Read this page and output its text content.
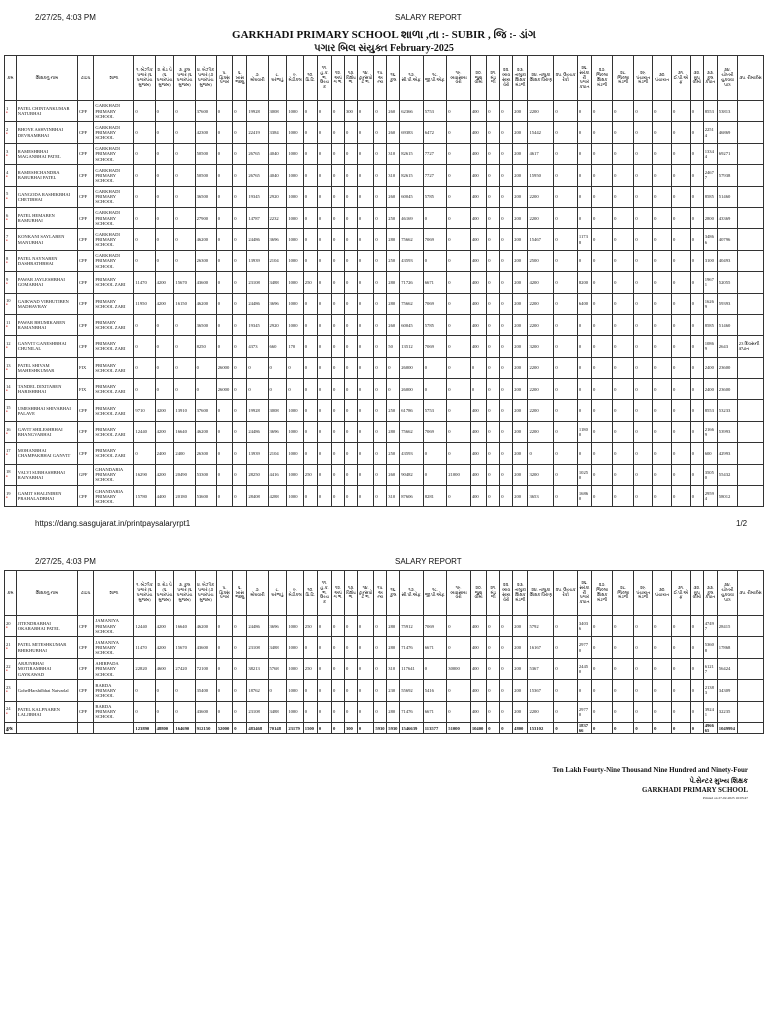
2/27/25, 4:03 PM	SALARY REPORT
GARKHADI PRIMARY SCHOOL શાળા ,તા :- SUBIR , જિ :- ડાંગ
પગાર બિલ સંયુક્ત February-2025
ક્રમ	શિક્ષકનુ નામ	ટાઇપ	શાળા	૧. બેઝીક પગાર (૬ પગારપંચ મુજબ)	૨. ગ્રેડ પે (૬ પગારપંચ મુજબ)	૩. કુલ પગાર (૬ પગારપંચ મુજબ)	૪. બેઝીક પગાર (૭ પગારપંચ મુજબ)	૫. ફિક્સ પગાર	૬. ખાસ ભથ્થુ	૭. મોંઘવારી	૮. ઘરભાડું	૯. મેડીકલ	૧૦. પ્રિ.ટિ.	૧૧. હ.ક.ભ. ઉચ્ચક	૧૨. અપંગ ભ.	૧૩. વિશેષ ભ.	૧૪. ટ્રાન્સપોર્ટ ભ.	૧૫. અન્ય	૧૬. કુલ	૧૭. સી.પી.એફ.	૧૮. જી.પી.એફ.	૧૯. વ્યવસાય વેરો	૨૦. જુથ વીમો	૨૧. મંડળી	૨૨. વ્યવસાય વેરો	૨૩. તાલુકા શિક્ષક મંડળી	૨૪. તાલુકા શિક્ષક ધિરાણ	૨૫. ઉચ્ચક રેકો	૨૬. સરકારી પગાર કપાત	૨૭. જિલ્લા શિક્ષક મંડળી	૨૮. જિલ્લા મંડળી	૨૯. પંચાયત મંડળી	૩૦. પંચાયત	૩૧. ઈ.પી.એફ	૩૨. ગ્રૂપ વીમો	૩૩. કુલ કપાત	૩૪. ચોખ્ખી ચુકવવા પાત્ર	૩૫. રીમાર્કસ
1
•	PATEL CHINTANKUMAR NATUBHAI	CPF	GARKHADI PRIMARY SCHOOL	0	0	0	37600	0	0	19928	3008	1000	0	0	0	300	0	0	260	62366	5753	0	400	0	0	200	2200	0	0	0	0	0	0	0	0	8553	53813	
2
•	BHOYE ASHVINBHAI DEVRAMBHAI	CPF	GARKHADI PRIMARY SCHOOL	0	0	0	42300	0	0	22419	3384	1000	0	0	0	0	0	0	260	69383	6472	0	400	0	0	200	15442	0	0	0	0	0	0	0	0	22514	46869	
3
•	RAMESHBHAI MAGANBHAI PATEL	CPF	GARKHADI PRIMARY SCHOOL	0	0	0	50500	0	0	26765	4040	1000	0	0	0	0	0	0	310	82615	7727	0	400	0	0	200	4617	0	0	0	0	0	0	0	0	13344	69271	
4
•	RAMESHCHANDRA BABUBHAI PATEL	CPF	GARKHADI PRIMARY SCHOOL	0	0	0	50500	0	0	26765	4040	1000	0	0	0	0	0	0	310	82615	7727	0	400	0	0	200	15950	0	0	0	0	0	0	0	0	24677	57938	
5
•	GANGODA RASHIKBHAI CHETIBHAI	CPF	GARKHADI PRIMARY SCHOOL	0	0	0	36500	0	0	19345	2920	1000	0	0	0	0	0	0	260	60045	5785	0	400	0	0	200	2200	0	0	0	0	0	0	0	0	8585	51460	
6
•	PATEL HEMABEN RAMUBHAI	CPF	GARKHADI PRIMARY SCHOOL	0	0	0	27900	0	0	14787	2232	1000	0	0	0	0	0	0	250	46169	0	0	400	0	0	200	2200	0	0	0	0	0	0	0	0	2800	43369	
7
•	KONKANI SAYLABEN MANUBHAI	CPF	GARKHADI PRIMARY SCHOOL	0	0	0	46200	0	0	24486	3696	1000	0	0	0	0	0	0	280	75662	7069	0	400	0	0	200	15467	0	11738	0	0	0	0	0	0	34866	40796	
8
•	PATEL NAYNABEN DASHRATHBHAI	CPF	GARKHADI PRIMARY SCHOOL	0	0	0	26300	0	0	13939	2104	1000	0	0	0	0	0	0	250	43593	0	0	400	0	0	200	2500	0	0	0	0	0	0	0	0	3100	40493	
9
•	PAWAR JAYLESHBHAI GOMABHAI	CPF	PRIMARY SCHOOL ZARI	11470	4200	15670	43600	0	0	23108	3488	1000	250	0	0	0	0	0	280	71726	6671	0	400	0	0	200	4200	0	8200	0	0	0	0	0	0	19671	52055	
10
•	GAIKWAD VIBHUTIBEN MADHAVRAY	CPF	PRIMARY SCHOOL ZARI	11950	4200	16150	46200	0	0	24486	3696	1000	0	0	0	0	0	0	280	75662	7069	0	400	0	0	200	2200	0	6400	0	0	0	0	0	0	16269	59393	
11
•	PAWAR BHUMIKABEN RAMANBHAI	CPF	PRIMARY SCHOOL ZARI	0	0	0	36500	0	0	19345	2920	1000	0	0	0	0	0	0	260	60045	5785	0	400	0	0	200	2200	0	0	0	0	0	0	0	0	8585	51460	
12
•	GANVIT GANESHBHAI CHUNILAL	CPF	PRIMARY SCHOOL ZARI	0	0	0	8250	0	0	4373	660	170	0	0	0	0	0	0	50	13512	7069	0	400	0	0	200	3200	0	0	0	0	0	0	0	0	10869	2643	23 દિવસની કપાત
13
•	PATEL SHIVAM MAHESHKUMAR	FIX	PRIMARY SCHOOL ZARI	0	0	0	0	26000	0	0	0	0	0	0	0	0	0	0	0	26000	0	0	0	0	0	200	2200	0	0	0	0	0	0	0	0	2400	23600	
14
•	TANDEL DIXITABEN HARISHBHAI	FIX	PRIMARY SCHOOL ZARI	0	0	0	0	26000	0	0	0	0	0	0	0	0	0	0	0	26000	0	0	0	0	0	200	2200	0	0	0	0	0	0	0	0	2400	23600	
15
•	UMESHBHAI SHIVABHAI PALAVE	CPF	PRIMARY SCHOOL ZARI	9710	4200	13910	37600	0	0	19928	3008	1000	0	0	0	0	0	0	250	61786	5753	0	400	0	0	200	2200	0	0	0	0	0	0	0	0	8553	53233	
16
•	GAVIT SHILESHBHAI BHANGVABHAI	CPF	PRIMARY SCHOOL ZARI	12440	4200	16640	46200	0	0	24486	3696	1000	0	0	0	0	0	0	280	75662	7069	0	400	0	0	200	2200	0	11800	0	0	0	0	0	0	21669	53993	
17
•	MOHANBHAI CHAMPAKBHAI GANVIT	CPF	PRIMARY SCHOOL ZARI	0	2400	2400	26300	0	0	13939	2104	1000	0	0	0	0	0	0	250	43593	0	0	400	0	0	200	0	0	0	0	0	0	0	0	0	600	42993	
18
•	VALVI SUBHASHBHAI RAIYABHAI	GPF	GHANDARIA PRIMARY SCHOOL	16290	4200	20490	53300	0	0	28250	4416	1000	250	0	0	0	0	0	260	90482	0	21000	400	0	0	200	3200	0	10250	0	0	0	0	0	0	35050	55432	
19
•	GAMIT SHALINIBEN PRAHALADBHAI	CPF	GHANDARIA PRIMARY SCHOOL	15780	4400	20180	53600	0	0	28408	4288	1000	0	0	0	0	0	0	310	87606	8281	0	400	0	0	200	3653	0	16860	0	0	0	0	0	0	29594	58012	
https://dang.sasgujarat.in/printpaysalaryrpt1	1/2
2/27/25, 4:03 PM	SALARY REPORT
ક્રમ	શિક્ષકનુ નામ	ટાઇપ	શાળા	૧. બેઝીક પગાર (૬ પગારપંચ મુજબ)	૨. ગ્રેડ પે (૬ પગારપંચ મુજબ)	૩. કુલ પગાર (૬ પગારપંચ મુજબ)	૪. બેઝીક પગાર (૭ પગારપંચ મુજબ)	૫. ફિક્સ પગાર	૬. ખાસ ભથ્થુ	૭. મોંઘવારી	૮. ઘરભાડું	૯. મેડીકલ	૧૦. પ્રિ.ટિ.	૧૧. હ.ક.ભ. ઉચ્ચક	૧૨. અપંગ ભ.	૧૩. વિશેષ ભ.	૧૪. ટ્રાન્સપોર્ટ ભ.	૧૫. અન્ય	૧૬. કુલ	૧૭. સી.પી.એફ.	૧૮. જી.પી.એફ.	૧૯. વ્યવસાય વેરો	૨૦. જુથ વીમો	૨૧. મંડળી	૨૨. વ્યવસાય વેરો	૨૩. તાલુકા શિક્ષક મંડળી	૨૪. તાલુકા શિક્ષક ધિરાણ	૨૫. ઉચ્ચક રેકો	૨૬. સરકારી પગાર કપાત	૨૭. જિલ્લા શિક્ષક મંડળી	૨૮. જિલ્લા મંડળી	૨૯. પંચાયત મંડળી	૩૦. પંચાયત	૩૧. ઈ.પી.એફ	૩૨. ગ્રૂપ વીમો	૩૩. કુલ કપાત	૩૪. ચોખ્ખી ચુકવવા પાત્ર	૩૫. રીમાર્કસ
20
•	JITENDRABHAI OKARABHAI PATEL	CPF	JAMANIYA PRIMARY SCHOOL	12440	4200	16640	46200	0	0	24486	3696	1000	250	0	0	0	0	0	280	75912	7069	0	400	0	0	200	5792	0	34036	0	0	0	0	0	0	47497	28415	
21
•	PATEL MITESHKUMAR BHIKHUBHAI	CPF	JAMANIYA PRIMARY SCHOOL	11470	4200	15670	43600	0	0	23108	3488	1000	0	0	0	0	0	0	280	71476	6671	0	400	0	0	200	16167	0	29770	0	0	0	0	0	0	53608	17868	
22
•	ARJUNBHAI MOTIRAMBHAI GAYKAWAD	CPF	AHIRPADA PRIMARY SCHOOL	22820	4600	27420	72100	0	0	38213	5768	1000	250	0	0	0	0	0	310	117641	0	30000	400	0	0	200	5367	0	24450	0	0	0	0	0	0	61217	56424	
23
•	GohelHarshilbhai Natvarlal	CPF	BARDA PRIMARY SCHOOL	0	0	0	35400	0	0	18762	0	1000	0	0	0	0	0	0	230	55692	5416	0	400	0	0	200	15367	0	0	0	0	0	0	0	0	21383	34309	
24
•	PATEL KALPNABEN LALJIBHAI	CPF	BARDA PRIMARY SCHOOL	0	0	0	43600	0	0	23108	3488	1000	0	0	0	0	0	0	280	71476	6671	0	400	0	0	200	2200	0	29770	0	0	0	0	0	0	39241	32235	
કુલ				123890	48800	164690	912150	52000	0	483468	70148	23179	1500	0	0	300	0	5930	5930	1546639	113577	51000	10400	0	0	4800	153102	0	183766	0	0	0	0	0	0	496665	1049994	
Ten Lakh Fourty-Nine Thousand Nine Hundred and Ninety-Four
પે.સેન્ટર મુખ્ય શિક્ષક
GARKHADI PRIMARY SCHOOL
Printed on 27-02-2025 16:03:47
